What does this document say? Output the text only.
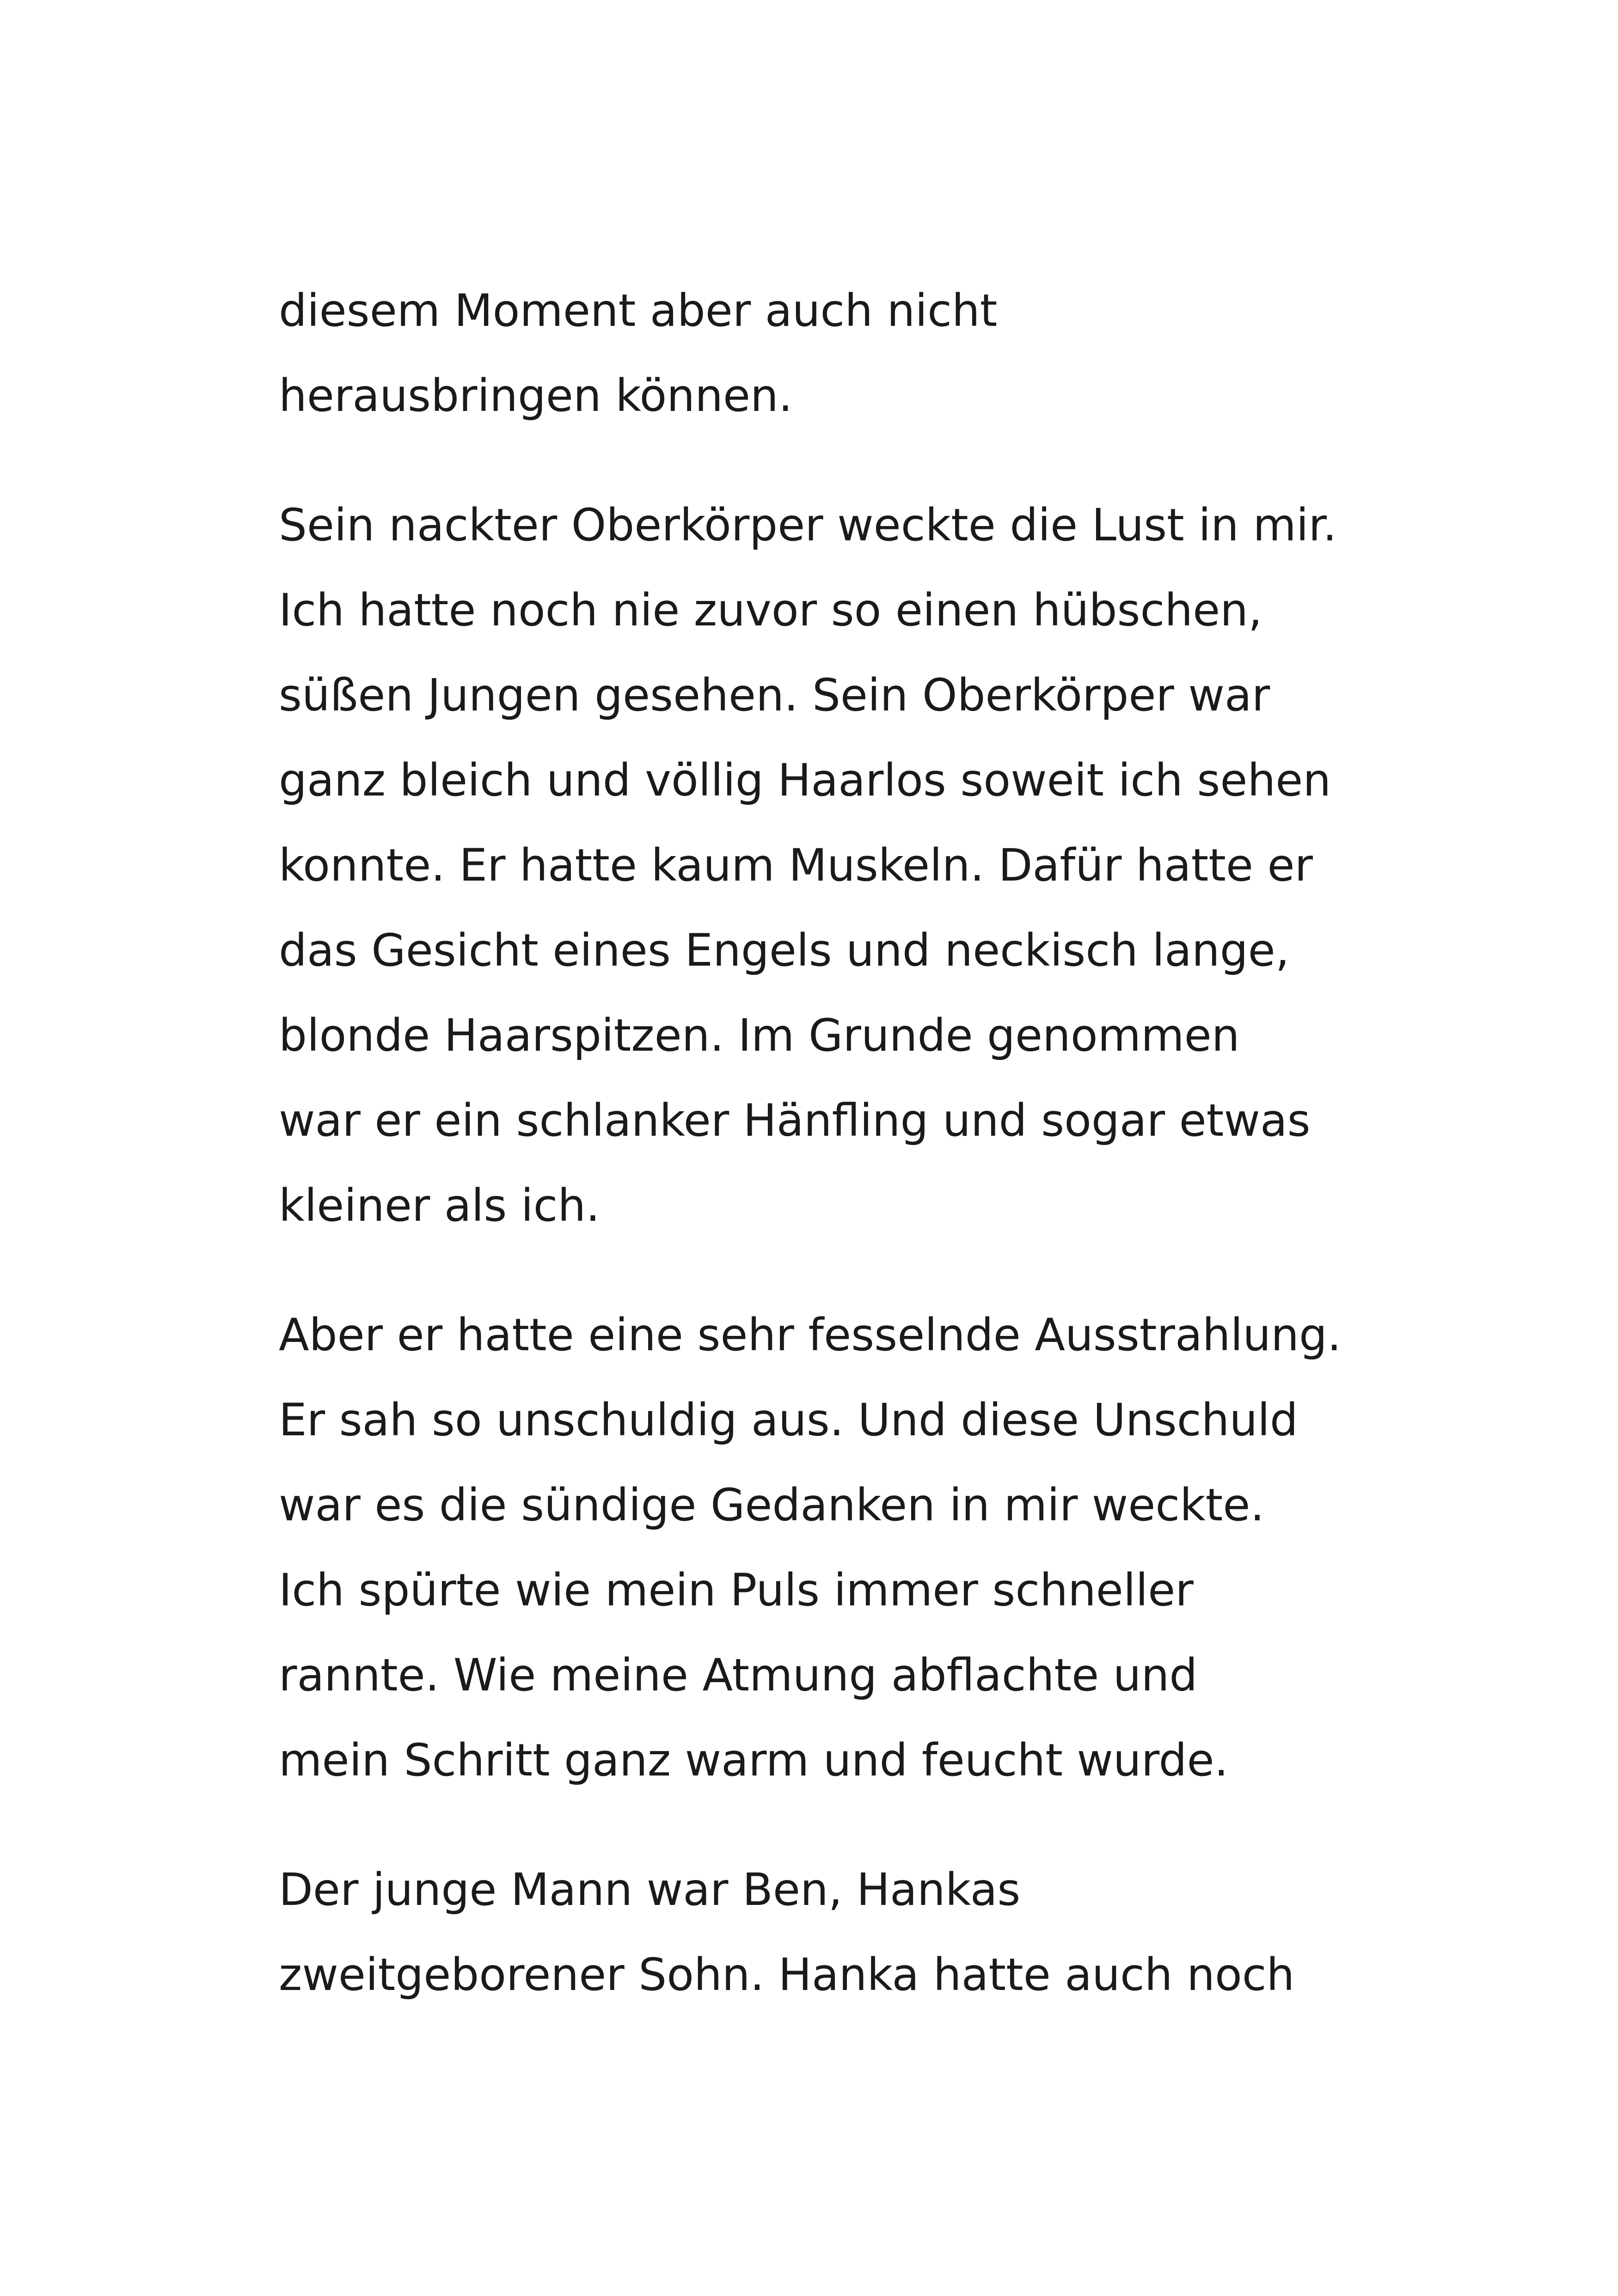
diesem Moment aber auch nicht
herausbringen können.
Sein nackter Oberkörper weckte die Lust in mir.
Ich hatte noch nie zuvor so einen hübschen,
süßen Jungen gesehen. Sein Oberkörper war
ganz bleich und völlig Haarlos soweit ich sehen
konnte. Er hatte kaum Muskeln. Dafür hatte er
das Gesicht eines Engels und neckisch lange,
blonde Haarspitzen. Im Grunde genommen
war er ein schlanker Hänfling und sogar etwas
kleiner als ich.
Aber er hatte eine sehr fesselnde Ausstrahlung.
Er sah so unschuldig aus. Und diese Unschuld
war es die sündige Gedanken in mir weckte.
Ich spürte wie mein Puls immer schneller
rannte. Wie meine Atmung abflachte und
mein Schritt ganz warm und feucht wurde.
Der junge Mann war Ben, Hankas
zweitgeborener Sohn. Hanka hatte auch noch
